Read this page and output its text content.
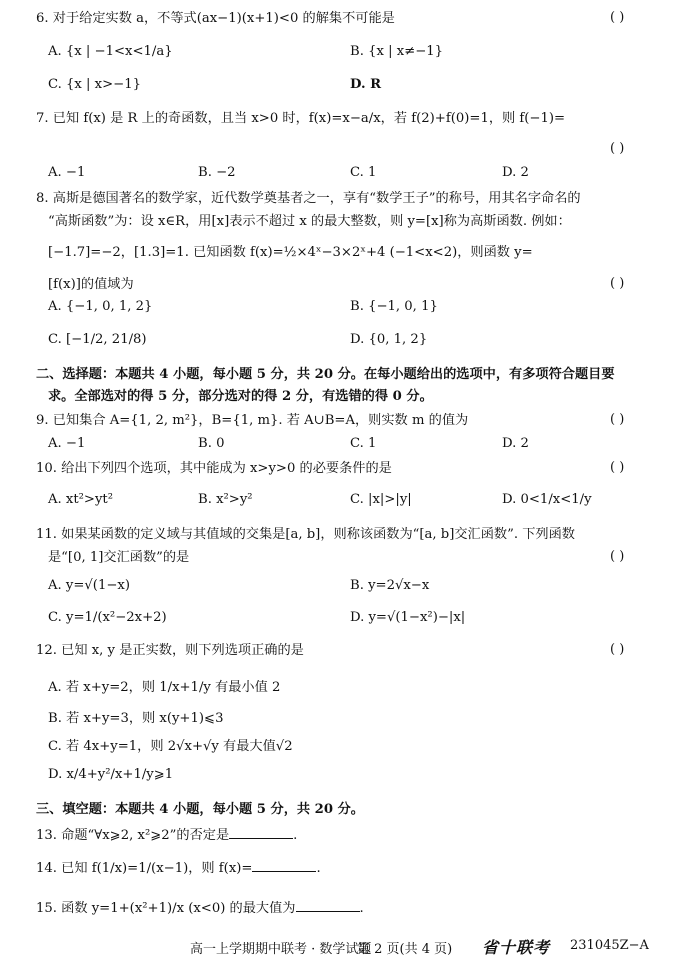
6. 对于给定实数 a，不等式(ax−1)(x+1)<0 的解集不可能是	( )
A. {x | −1<x<1/a}	B. {x | x≠−1}
C. {x | x>−1}	D. R
7. 已知 f(x) 是 R 上的奇函数，且当 x>0 时，f(x)=x−a/x，若 f(2)+f(0)=1，则 f(−1)=
( )
A. −1	B. −2	C. 1	D. 2
8. 高斯是德国著名的数学家，近代数学奠基者之一，享有“数学王子”的称号，用其名字命名的
“高斯函数”为：设 x∈R，用[x]表示不超过 x 的最大整数，则 y=[x]称为高斯函数. 例如：
[−1.7]=−2，[1.3]=1. 已知函数 f(x)=½×4ˣ−3×2ˣ+4 (−1<x<2)，则函数 y=
[f(x)]的值域为	( )
A. {−1, 0, 1, 2}	B. {−1, 0, 1}
C. [−1/2, 21/8)	D. {0, 1, 2}
二、选择题：本题共 4 小题，每小题 5 分，共 20 分。在每小题给出的选项中，有多项符合题目要
求。全部选对的得 5 分，部分选对的得 2 分，有选错的得 0 分。
9. 已知集合 A={1, 2, m²}，B={1, m}. 若 A∪B=A，则实数 m 的值为	( )
A. −1	B. 0	C. 1	D. 2
10. 给出下列四个选项，其中能成为 x>y>0 的必要条件的是	( )
A. xt²>yt²	B. x²>y²	C. |x|>|y|	D. 0<1/x<1/y
11. 如果某函数的定义域与其值域的交集是[a, b]，则称该函数为“[a, b]交汇函数”. 下列函数
是“[0, 1]交汇函数”的是	( )
A. y=√(1−x)	B. y=2√x−x
C. y=1/(x²−2x+2)	D. y=√(1−x²)−|x|
12. 已知 x, y 是正实数，则下列选项正确的是	( )
A. 若 x+y=2，则 1/x+1/y 有最小值 2
B. 若 x+y=3，则 x(y+1)⩽3
C. 若 4x+y=1，则 2√x+√y 有最大值√2
D. x/4+y²/x+1/y⩾1
三、填空题：本题共 4 小题，每小题 5 分，共 20 分。
13. 命题“∀x⩾2, x²⩾2”的否定是	.
14. 已知 f(1/x)=1/(x−1)，则 f(x)=	.
15. 函数 y=1+(x²+1)/x (x<0) 的最大值为	.
高一上学期期中联考 · 数学试题
第 2 页(共 4 页) 省十联考 231045Z−A
